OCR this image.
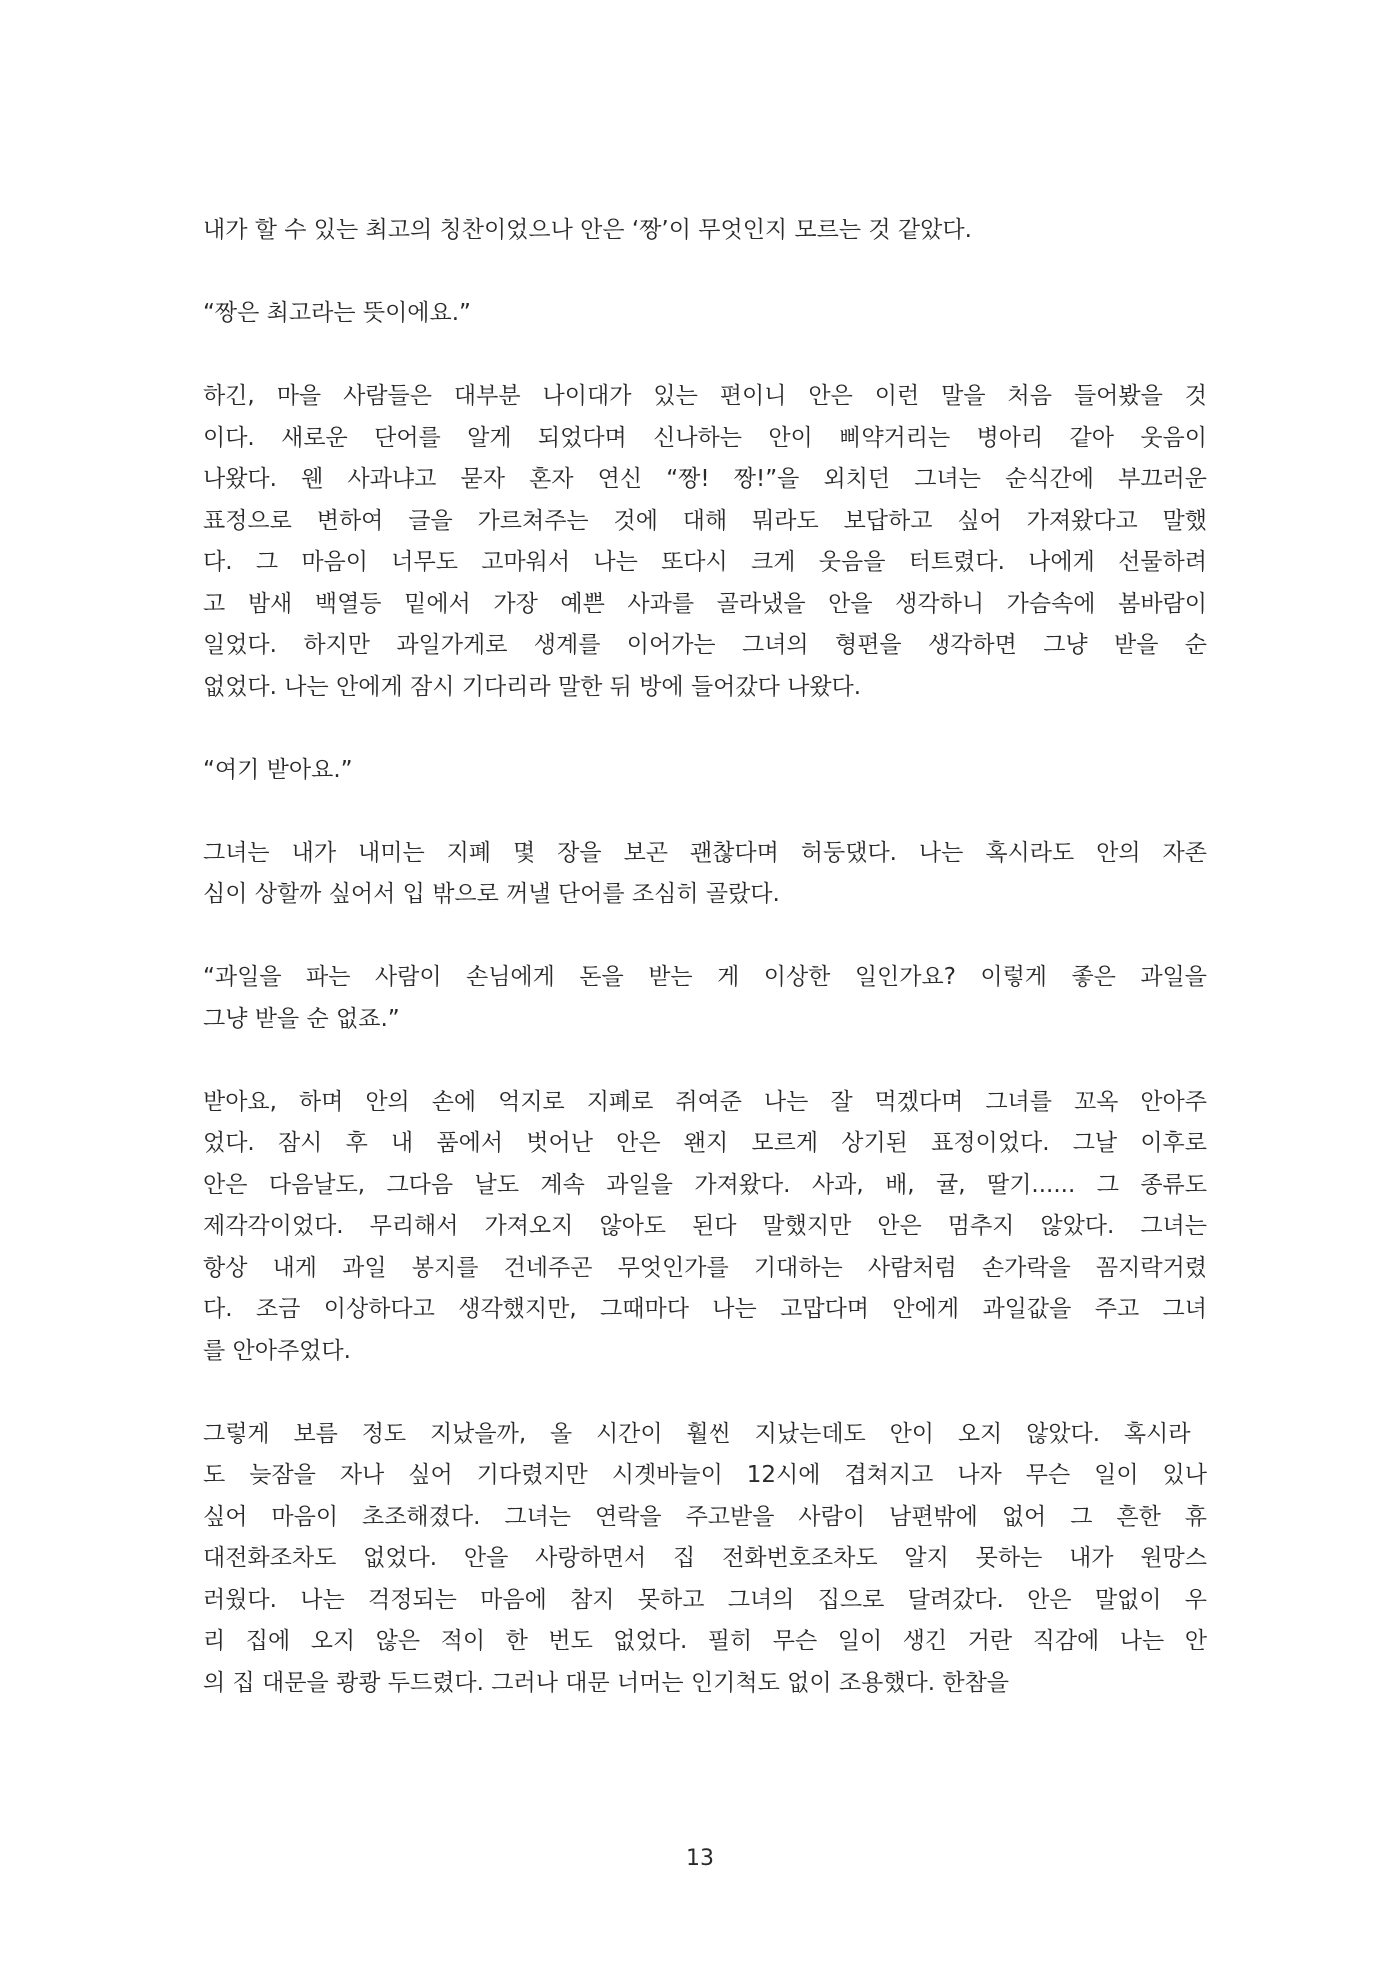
내가 할 수 있는 최고의 칭찬이었으나 안은 ‘짱’이 무엇인지 모르는 것 같았다.
“짱은 최고라는 뜻이에요.”
하긴, 마을 사람들은 대부분 나이대가 있는 편이니 안은 이런 말을 처음 들어봤을 것
이다. 새로운 단어를 알게 되었다며 신나하는 안이 삐약거리는 병아리 같아 웃음이
나왔다. 웬 사과냐고 묻자 혼자 연신 “짱! 짱!”을 외치던 그녀는 순식간에 부끄러운
표정으로 변하여 글을 가르쳐주는 것에 대해 뭐라도 보답하고 싶어 가져왔다고 말했
다. 그 마음이 너무도 고마워서 나는 또다시 크게 웃음을 터트렸다. 나에게 선물하려
고 밤새 백열등 밑에서 가장 예쁜 사과를 골라냈을 안을 생각하니 가슴속에 봄바람이
일었다. 하지만 과일가게로 생계를 이어가는 그녀의 형편을 생각하면 그냥 받을 순
없었다. 나는 안에게 잠시 기다리라 말한 뒤 방에 들어갔다 나왔다.
“여기 받아요.”
그녀는 내가 내미는 지폐 몇 장을 보곤 괜찮다며 허둥댔다. 나는 혹시라도 안의 자존
심이 상할까 싶어서 입 밖으로 꺼낼 단어를 조심히 골랐다.
“과일을 파는 사람이 손님에게 돈을 받는 게 이상한 일인가요? 이렇게 좋은 과일을
그냥 받을 순 없죠.”
받아요, 하며 안의 손에 억지로 지폐로 쥐여준 나는 잘 먹겠다며 그녀를 꼬옥 안아주
었다. 잠시 후 내 품에서 벗어난 안은 왠지 모르게 상기된 표정이었다. 그날 이후로
안은 다음날도, 그다음 날도 계속 과일을 가져왔다. 사과, 배, 귤, 딸기...... 그 종류도
제각각이었다. 무리해서 가져오지 않아도 된다 말했지만 안은 멈추지 않았다. 그녀는
항상 내게 과일 봉지를 건네주곤 무엇인가를 기대하는 사람처럼 손가락을 꼼지락거렸
다. 조금 이상하다고 생각했지만, 그때마다 나는 고맙다며 안에게 과일값을 주고 그녀
를 안아주었다.
그렇게 보름 정도 지났을까, 올 시간이 훨씬 지났는데도 안이 오지 않았다. 혹시라
도 늦잠을 자나 싶어 기다렸지만 시곗바늘이 12시에 겹쳐지고 나자 무슨 일이 있나
싶어 마음이 초조해졌다. 그녀는 연락을 주고받을 사람이 남편밖에 없어 그 흔한 휴
대전화조차도 없었다. 안을 사랑하면서 집 전화번호조차도 알지 못하는 내가 원망스
러웠다. 나는 걱정되는 마음에 참지 못하고 그녀의 집으로 달려갔다. 안은 말없이 우
리 집에 오지 않은 적이 한 번도 없었다. 필히 무슨 일이 생긴 거란 직감에 나는 안
의 집 대문을 쾅쾅 두드렸다. 그러나 대문 너머는 인기척도 없이 조용했다. 한참을
13
